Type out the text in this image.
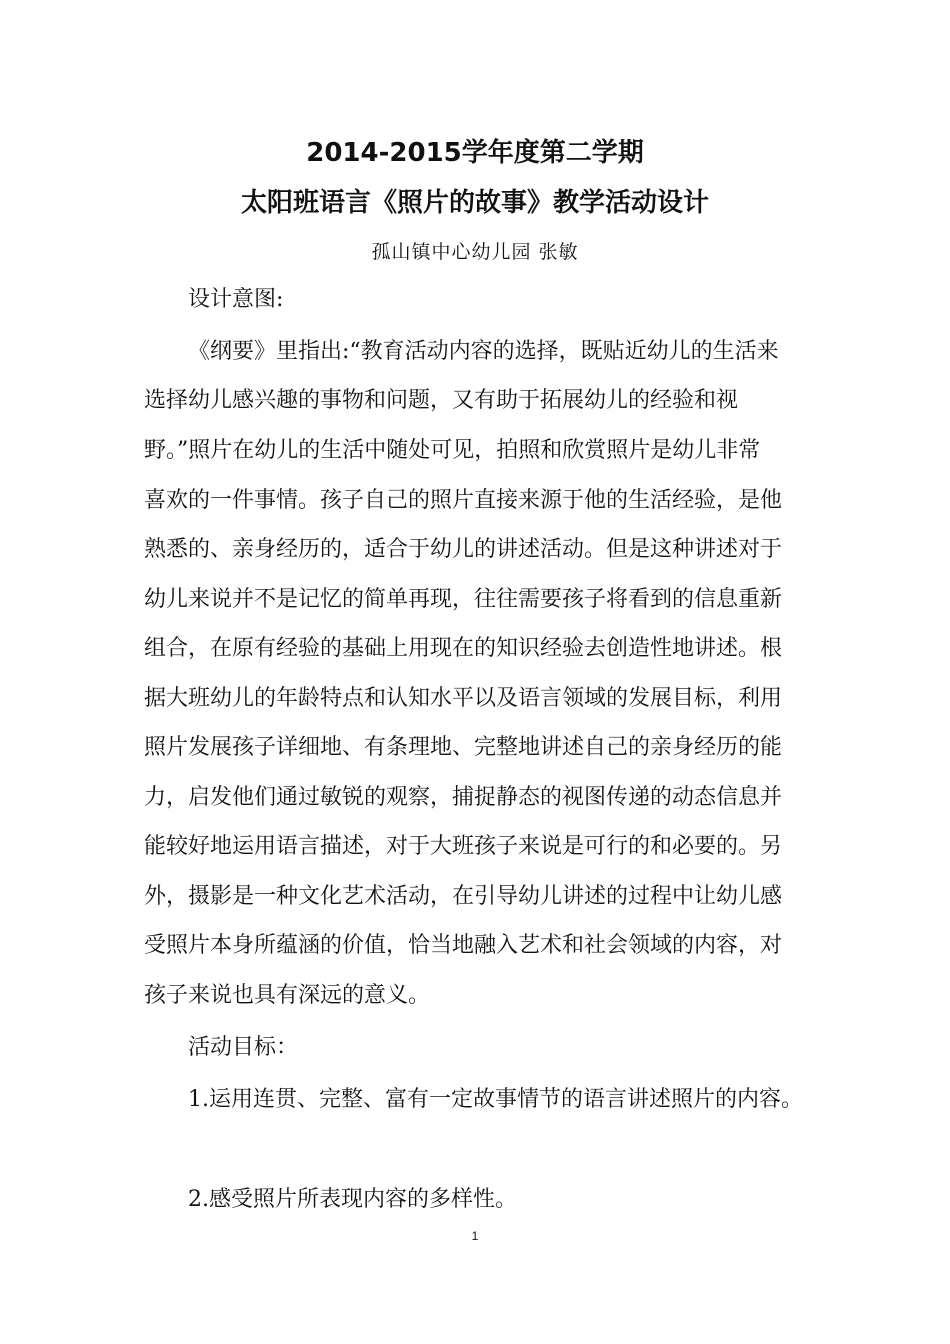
2014-2015学年度第二学期
太阳班语言《照片的故事》教学活动设计
孤山镇中心幼儿园 张敏
设计意图:
《纲要》里指出:“教育活动内容的选择，既贴近幼儿的生活来
选择幼儿感兴趣的事物和问题，又有助于拓展幼儿的经验和视
野。”照片在幼儿的生活中随处可见，拍照和欣赏照片是幼儿非常
喜欢的一件事情。孩子自己的照片直接来源于他的生活经验，是他
熟悉的、亲身经历的，适合于幼儿的讲述活动。但是这种讲述对于
幼儿来说并不是记忆的简单再现，往往需要孩子将看到的信息重新
组合，在原有经验的基础上用现在的知识经验去创造性地讲述。根
据大班幼儿的年龄特点和认知水平以及语言领域的发展目标，利用
照片发展孩子详细地、有条理地、完整地讲述自己的亲身经历的能
力，启发他们通过敏锐的观察，捕捉静态的视图传递的动态信息并
能较好地运用语言描述，对于大班孩子来说是可行的和必要的。另
外，摄影是一种文化艺术活动，在引导幼儿讲述的过程中让幼儿感
受照片本身所蕴涵的价值，恰当地融入艺术和社会领域的内容，对
孩子来说也具有深远的意义。
活动目标：
1.运用连贯、完整、富有一定故事情节的语言讲述照片的内容。
2.感受照片所表现内容的多样性。
1
